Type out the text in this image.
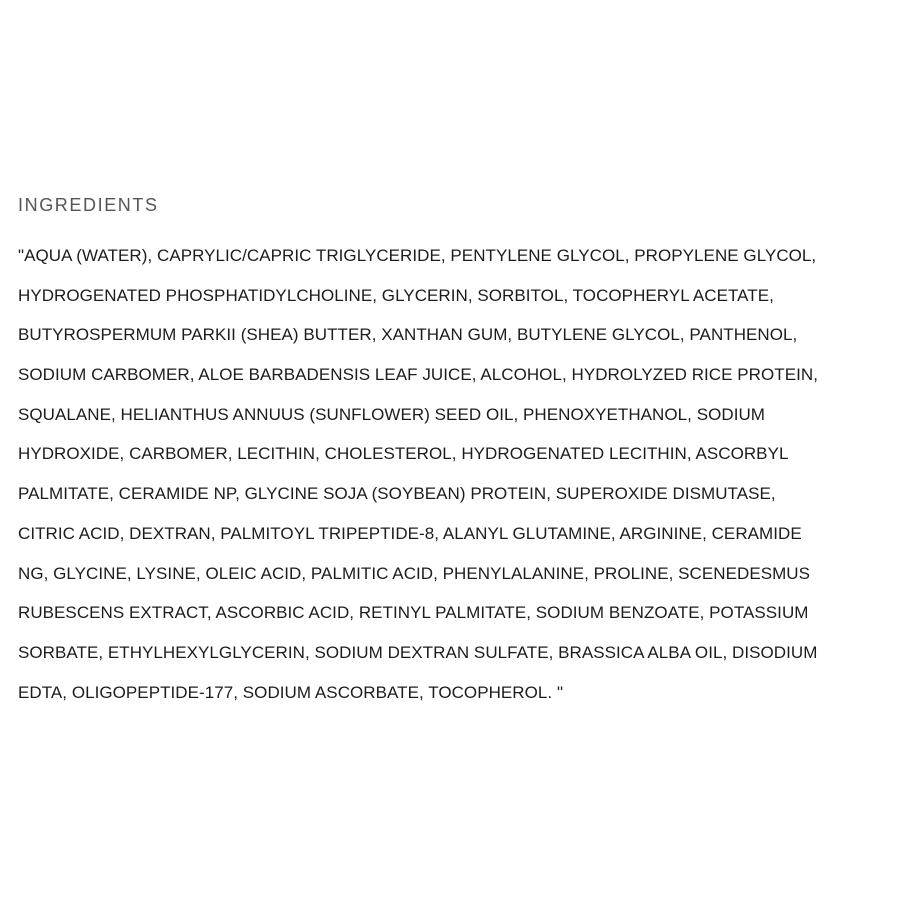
INGREDIENTS
"AQUA (WATER), CAPRYLIC/CAPRIC TRIGLYCERIDE, PENTYLENE GLYCOL, PROPYLENE GLYCOL,
HYDROGENATED PHOSPHATIDYLCHOLINE, GLYCERIN, SORBITOL, TOCOPHERYL ACETATE,
BUTYROSPERMUM PARKII (SHEA) BUTTER, XANTHAN GUM, BUTYLENE GLYCOL, PANTHENOL,
SODIUM CARBOMER, ALOE BARBADENSIS LEAF JUICE, ALCOHOL, HYDROLYZED RICE PROTEIN,
SQUALANE, HELIANTHUS ANNUUS (SUNFLOWER) SEED OIL, PHENOXYETHANOL, SODIUM
HYDROXIDE, CARBOMER, LECITHIN, CHOLESTEROL, HYDROGENATED LECITHIN, ASCORBYL
PALMITATE, CERAMIDE NP, GLYCINE SOJA (SOYBEAN) PROTEIN, SUPEROXIDE DISMUTASE,
CITRIC ACID, DEXTRAN, PALMITOYL TRIPEPTIDE-8, ALANYL GLUTAMINE, ARGININE, CERAMIDE
NG, GLYCINE, LYSINE, OLEIC ACID, PALMITIC ACID, PHENYLALANINE, PROLINE, SCENEDESMUS
RUBESCENS EXTRACT, ASCORBIC ACID, RETINYL PALMITATE, SODIUM BENZOATE, POTASSIUM
SORBATE, ETHYLHEXYLGLYCERIN, SODIUM DEXTRAN SULFATE, BRASSICA ALBA OIL, DISODIUM
EDTA, OLIGOPEPTIDE-177, SODIUM ASCORBATE, TOCOPHEROL. "
